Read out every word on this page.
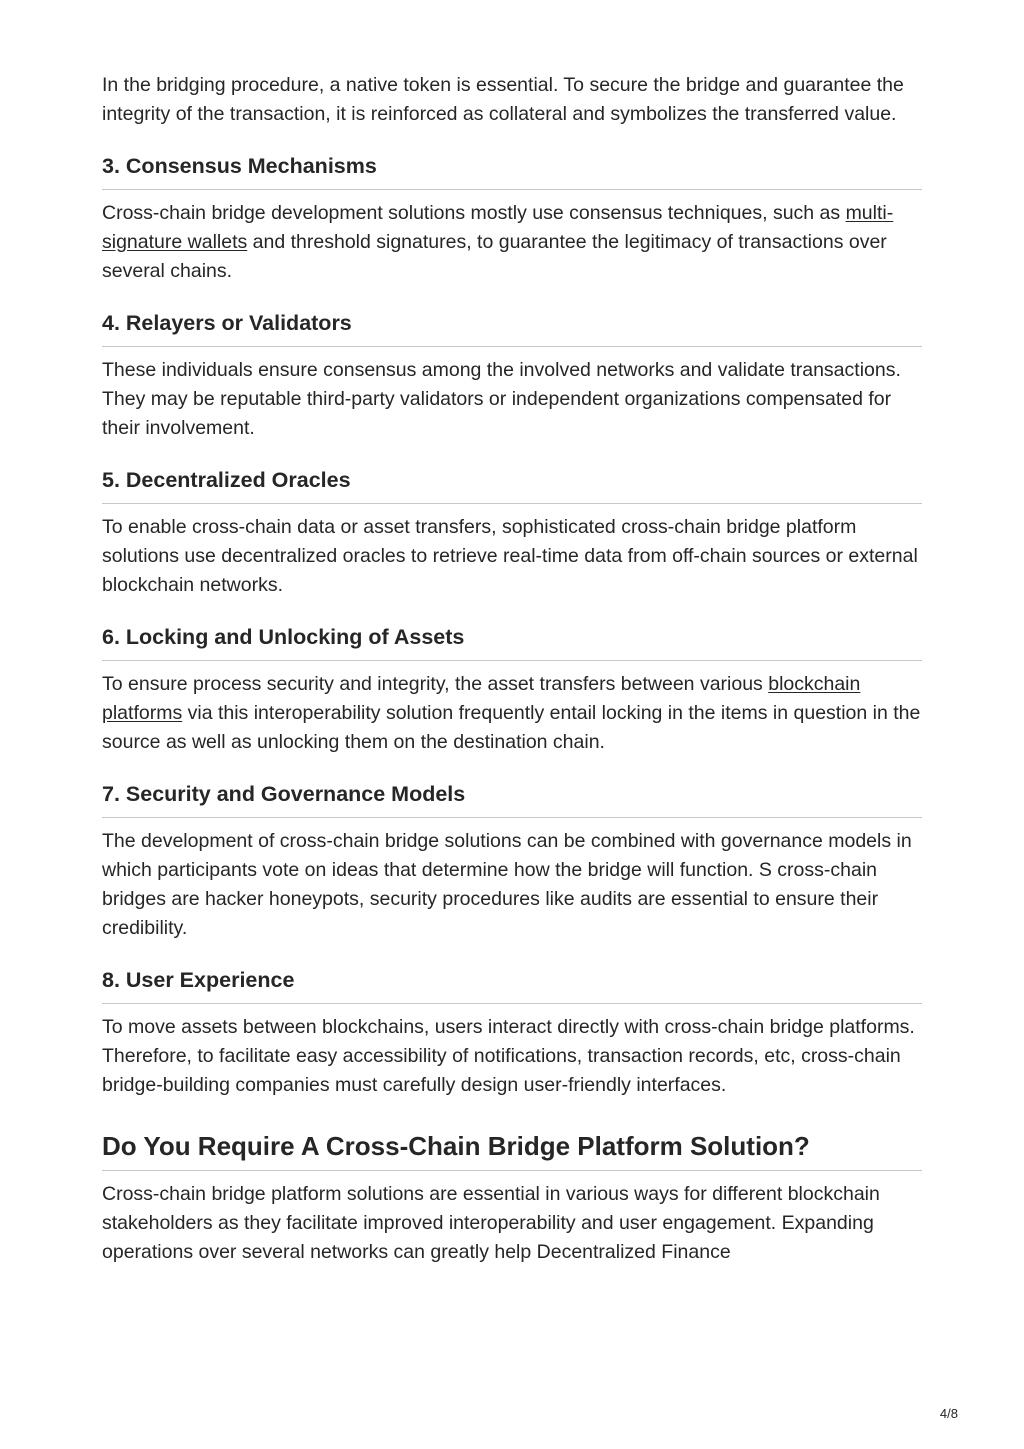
In the bridging procedure, a native token is essential. To secure the bridge and guarantee the integrity of the transaction, it is reinforced as collateral and symbolizes the transferred value.

3. Consensus Mechanisms

Cross-chain bridge development solutions mostly use consensus techniques, such as multi-signature wallets and threshold signatures, to guarantee the legitimacy of transactions over several chains.

4. Relayers or Validators

These individuals ensure consensus among the involved networks and validate transactions. They may be reputable third-party validators or independent organizations compensated for their involvement.

5. Decentralized Oracles

To enable cross-chain data or asset transfers, sophisticated cross-chain bridge platform solutions use decentralized oracles to retrieve real-time data from off-chain sources or external blockchain networks.

6. Locking and Unlocking of Assets

To ensure process security and integrity, the asset transfers between various blockchain platforms via this interoperability solution frequently entail locking in the items in question in the source as well as unlocking them on the destination chain.

7. Security and Governance Models

The development of cross-chain bridge solutions can be combined with governance models in which participants vote on ideas that determine how the bridge will function. S cross-chain bridges are hacker honeypots, security procedures like audits are essential to ensure their credibility.

8. User Experience

To move assets between blockchains, users interact directly with cross-chain bridge platforms. Therefore, to facilitate easy accessibility of notifications, transaction records, etc, cross-chain bridge-building companies must carefully design user-friendly interfaces.

Do You Require A Cross-Chain Bridge Platform Solution?

Cross-chain bridge platform solutions are essential in various ways for different blockchain stakeholders as they facilitate improved interoperability and user engagement. Expanding operations over several networks can greatly help Decentralized Finance

4/8
